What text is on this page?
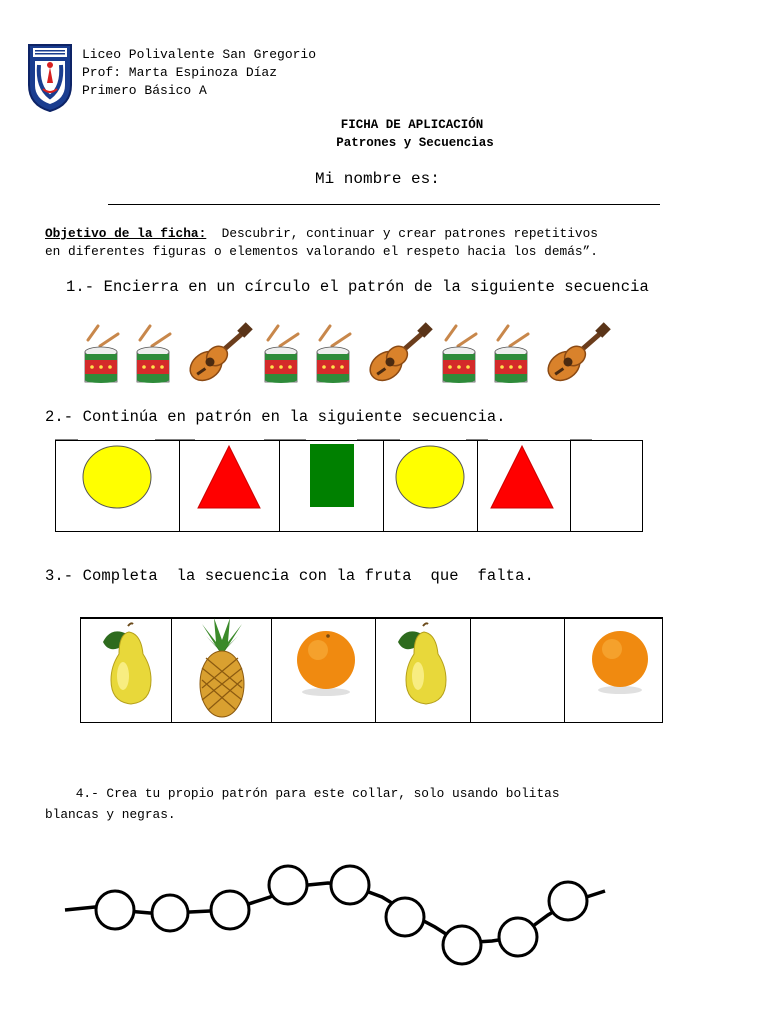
Liceo Polivalente San Gregorio
Prof: Marta Espinoza Díaz
Primero Básico A
FICHA DE APLICACIÓN
Patrones y Secuencias
Mi nombre es:
Objetivo de la ficha:  Descubrir, continuar y crear patrones repetitivos
en diferentes figuras o elementos valorando el respeto hacia los demás”.
1.- Encierra en un círculo el patrón de la siguiente secuencia
2.- Continúa en patrón en la siguiente secuencia.
3.- Completa  la secuencia con la fruta  que  falta.
4.- Crea tu propio patrón para este collar, solo usando bolitas
blancas y negras.
